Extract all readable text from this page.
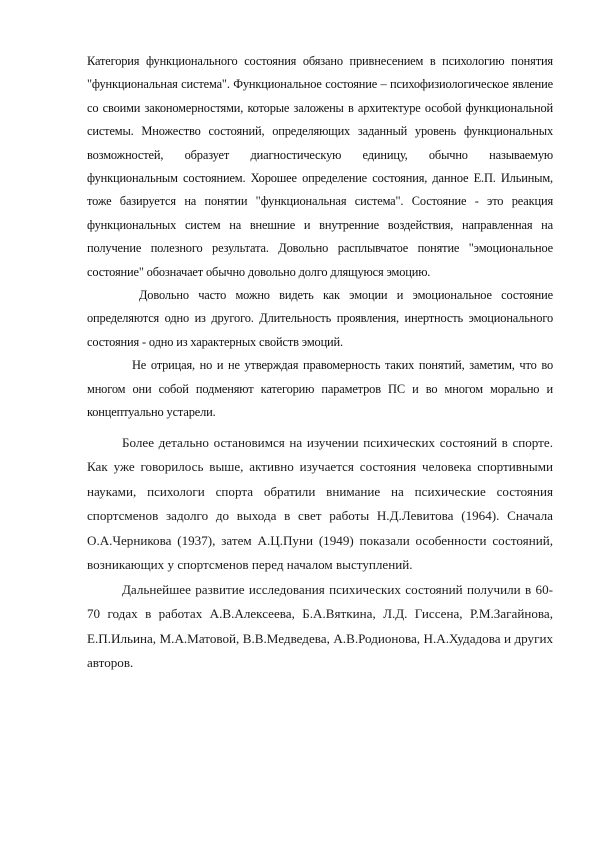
Категория функционального состояния обязано привнесением в психологию понятия "функциональная система". Функциональное состояние – психофизиологическое явление со своими закономерностями, которые заложены в архитектуре особой функциональной системы. Множество состояний, определяющих заданный уровень функциональных возможностей, образует диагностическую единицу, обычно называемую функциональным состоянием. Хорошее определение состояния, данное Е.П. Ильиным, тоже базируется на понятии "функциональная система". Состояние - это реакция функциональных систем на внешние и внутренние воздействия, направленная на получение полезного результата. Довольно расплывчатое понятие "эмоциональное состояние" обозначает обычно довольно долго длящуюся эмоцию.

Довольно часто можно видеть как эмоции и эмоциональное состояние определяются одно из другого. Длительность проявления, инертность эмоционального состояния - одно из характерных свойств эмоций.

Не отрицая, но и не утверждая правомерность таких понятий, заметим, что во многом они собой подменяют категорию параметров ПС и во многом морально и концептуально устарели.

Более детально остановимся на изучении психических состояний в спорте. Как уже говорилось выше, активно изучается состояния человека спортивными науками, психологи спорта обратили внимание на психические состояния спортсменов задолго до выхода в свет работы Н.Д.Левитова (1964). Сначала О.А.Черникова (1937), затем А.Ц.Пуни (1949) показали особенности состояний, возникающих у спортсменов перед началом выступлений.

Дальнейшее развитие исследования психических состояний получили в 60-70 годах в работах А.В.Алексеева, Б.А.Вяткина, Л.Д. Гиссена, Р.М.Загайнова, Е.П.Ильина, М.А.Матовой, В.В.Медведева, А.В.Родионова, Н.А.Худадова и других авторов.
